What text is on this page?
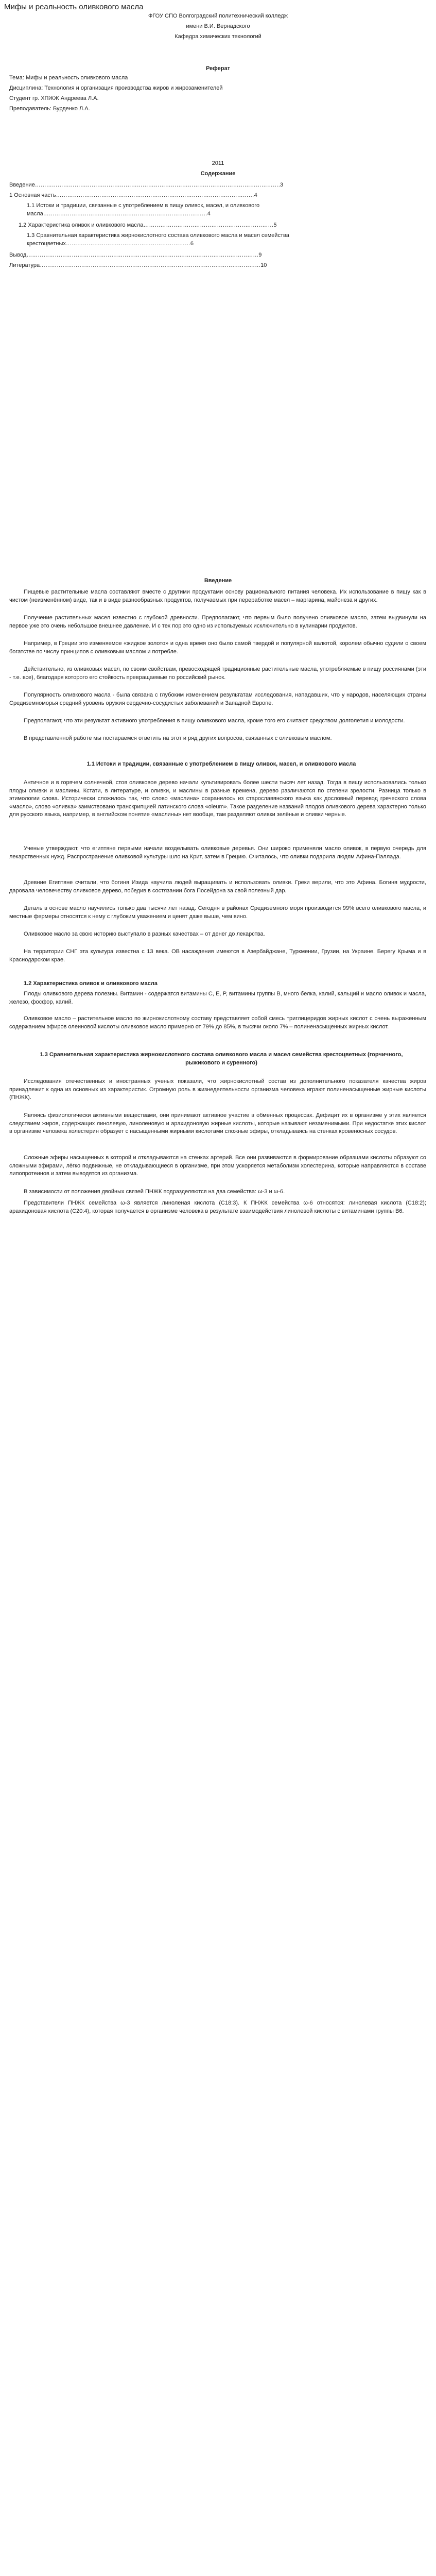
Мифы и реальность оливкового масла
ФГОУ СПО Волгоградский политехнический колледж
имени В.И. Вернадского
Кафедра химических технологий
Реферат
Тема: Мифы и реальность оливкового масла
Дисциплина: Технология и организация производства жиров и жирозаменителей
Студент гр. ХПЖЖ Андреева Л.А.
Преподаватель: Бурденко Л.А.
2011
Содержание
Введение………………………………………………………………………………………………………………….3
1 Основная часть……………………………………………………………………………………………4
1.1 Истоки и традиции, связанные с употреблением в пищу оливок, масел, и оливкового масла……………………………………………………………………………4
1.2 Характеристика оливок и оливкового масла……………………………………………………………5
1.3 Сравнительная характеристика жирнокислотного состава оливкового масла и масел семейства крестоцветных…………………………………………………………6
Вывод……………………………………………………………………………………………………………9
Литература………………………………………………………………………………………………………10
Введение
Пищевые растительные масла составляют вместе с другими продуктами основу рационального питания человека. Их использование в пищу как в чистом (неизменённом) виде, так и в виде разнообразных продуктов, получаемых при переработке масел – маргарина, майонеза и других.
Получение растительных масел известно с глубокой древности. Предполагают, что первым было получено оливковое масло, затем выдвинули на первое уже это очень небольшое внешнее давление. И с тех пор это одно из используемых исключительно в кулинарии продуктов.
Например, в Греции это изменяемое «жидкое золото» и одна время оно было самой твердой и популярной валютой, королем обычно судили о своем богатстве по числу принципов с оливковым маслом и потребле.
Действительно, из оливковых масел, по своим свойствам, превосходящей традиционные растительные масла, употребляемые в пищу россиянами (эти - т.е. все), благодаря которого его стойкость превращаемые по российский рынок.
Популярность оливкового масла - была связана с глубоким изменением результатам исследования, нападавших, что у народов, населяющих страны Средиземноморья средний уровень оружия сердечно-сосудистых заболеваний и Западной Европе.
Предполагают, что эти результат активного употребления в пищу оливкового масла, кроме того его считают средством долголетия и молодости.
В представленной работе мы постараемся ответить на этот и ряд других вопросов, связанных с оливковым маслом.
1.1 Истоки и традиции, связанные с употреблением в пищу оливок, масел, и оливкового масла
Античное и в горячем солнечной, стоя оливковое дерево начали культивировать более шести тысяч лет назад. Тогда в пищу использовались только плоды оливки и маслины. Кстати, в литературе, и оливки, и маслины в разные времена, дерево различаются по степени зрелости. Разница только в этимологии слова. Исторически сложилось так, что слово «маслина» сохранилось из старославянского языка как дословный перевод греческого слова «масло», слово «оливка» заимствовано транскрипцией латинского слова «oleum». Такое разделение названий плодов оливкового дерева характерно только для русского языка, например, в английском понятие «маслины» нет вообще, там разделяют оливки зелёные и оливки черные.
Ученые утверждают, что египтяне первыми начали возделывать оливковые деревья. Они широко применяли масло оливок, в первую очередь для лекарственных нужд. Распространение оливковой культуры шло на Крит, затем в Грецию. Считалось, что оливки подарила людям Афина-Паллада.
Древние Египтяне считали, что богиня Изида научила людей выращивать и использовать оливки. Греки верили, что это Афина. Богиня мудрости, даровала человечеству оливковое дерево, победив в состязании бога Посейдона за свой полезный дар.
Деталь в основе масло научились только два тысячи лет назад. Сегодня в районах Средиземного моря производится 99% всего оливкового масла, и местные фермеры относятся к нему с глубоким уважением и ценят даже выше, чем вино.
Оливковое масло за свою историю выступало в разных качествах – от денег до лекарства.
На территории СНГ эта культура известна с 13 века. ОВ насаждения имеются в Азербайджане, Туркмении, Грузии, на Украине. Берегу Крыма и в Краснодарском крае.
1.2 Характеристика оливок и оливкового масла
Плоды оливкового дерева полезны. Витамин - содержатся витамины C, E, P, витамины группы B, много белка, калий, кальций и масло оливок и масла, железо, фосфор, калий.
Оливковое масло – растительное масло по жирнокислотному составу представляет собой смесь триглицеридов жирных кислот с очень выраженным содержанием эфиров олеиновой кислоты оливковое масло примерно от 79% до 85%, в тысячи около 7% – полиненасыщенных жирных кислот.
1.3 Сравнительная характеристика жирнокислотного состава оливкового масла и масел семейства крестоцветных (горчичного, рыжикового и суренного)
Исследования отечественных и иностранных ученых показали, что жирнокислотный состав из дополнительного показателя качества жиров принадлежит к одна из основных из характеристик. Огромную роль в жизнедеятельности организма человека играют полиненасыщенные жирные кислоты (ПНЖК).
Являясь физиологически активными веществами, они принимают активное участие в обменных процессах. Дефицит их в организме у этих является следствием жиров, содержащих линолевую, линоленовую и арахидоновую жирные кислоты, которые называют незаменимыми. При недостатке этих кислот в организме человека холестерин образует с насыщенными жирными кислотами сложные эфиры, откладываясь на стенках кровеносных сосудов.
Сложные эфиры насыщенных в которой и откладываются на стенках артерий. Все они развиваются в формирование образцами кислоты образуют со сложными эфирами, лёгко подвижные, не откладывающиеся в организме, при этом ускоряется метаболизм холестерина, которые направляются в составе липопротеинов и затем выводятся из организма.
В зависимости от положения двойных связей ПНЖК подразделяются на два семейства: ω-3 и ω-6.
Представители ПНЖК семейства ω-3 является линоленая кислота (C18:3). К ПНЖК семейства ω-6 относятся: линолевая кислота (C18:2); арахидоновая кислота (C20:4), которая получается в организме человека в результате взаимодействия линолевой кислоты с витаминами группы B6.
